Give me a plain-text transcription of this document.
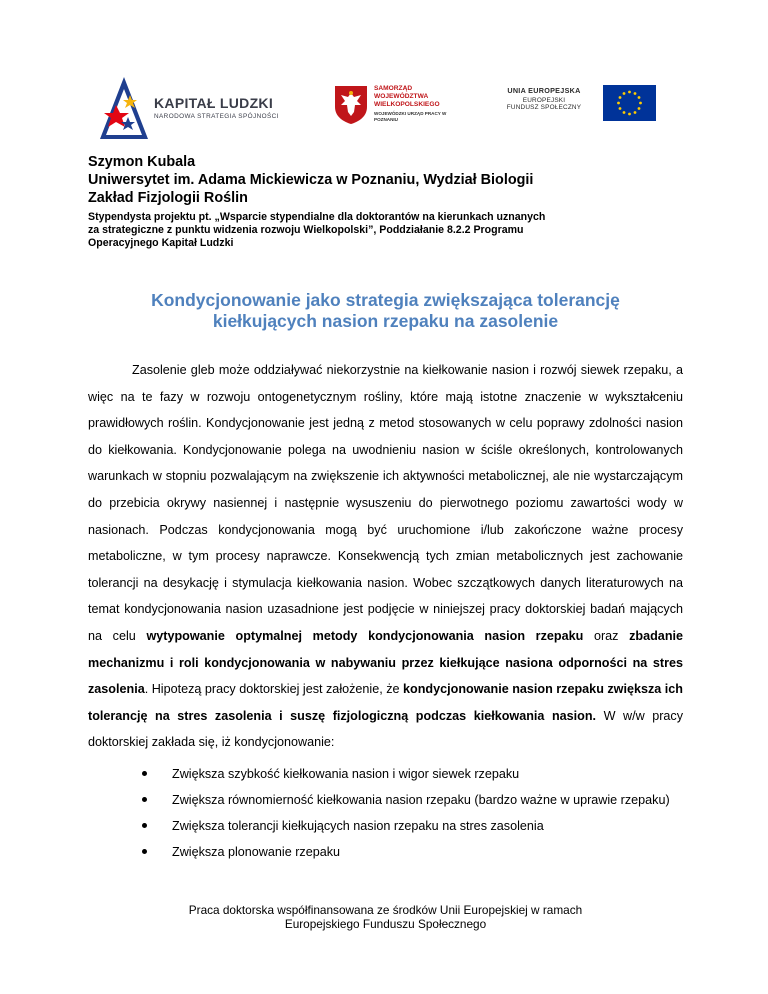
KAPITAŁ LUDZKI
NARODOWA STRATEGIA SPÓJNOŚCI
SAMORZĄD WOJEWÓDZTWA WIELKOPOLSKIEGO
WOJEWÓDZKI URZĄD PRACY W POZNANIU
UNIA EUROPEJSKA
EUROPEJSKI
FUNDUSZ SPOŁECZNY
Szymon Kubala
Uniwersytet im. Adama Mickiewicza w Poznaniu, Wydział Biologii
Zakład Fizjologii Roślin
Stypendysta projektu pt. „Wsparcie stypendialne dla doktorantów na kierunkach uznanych
za strategiczne z punktu widzenia rozwoju Wielkopolski”, Poddziałanie 8.2.2 Programu
Operacyjnego Kapitał Ludzki
Kondycjonowanie jako strategia zwiększająca tolerancję
kiełkujących nasion rzepaku na zasolenie
Zasolenie gleb może oddziaływać niekorzystnie na kiełkowanie nasion i rozwój siewek rzepaku, a więc na te fazy w rozwoju ontogenetycznym rośliny, które mają istotne znaczenie w wykształceniu prawidłowych roślin. Kondycjonowanie jest jedną z metod stosowanych w celu poprawy zdolności nasion do kiełkowania. Kondycjonowanie polega na uwodnieniu nasion w ściśle określonych, kontrolowanych warunkach w stopniu pozwalającym na zwiększenie ich aktywności metabolicznej, ale nie wystarczającym do przebicia okrywy nasiennej i następnie wysuszeniu do pierwotnego poziomu zawartości wody w nasionach. Podczas kondycjonowania mogą być uruchomione i/lub zakończone ważne procesy metaboliczne, w tym procesy naprawcze. Konsekwencją tych zmian metabolicznych jest zachowanie tolerancji na desykację i stymulacja kiełkowania nasion. Wobec szczątkowych danych literaturowych na temat kondycjonowania nasion uzasadnione jest podjęcie w niniejszej pracy doktorskiej badań mających na celu wytypowanie optymalnej metody kondycjonowania nasion rzepaku oraz zbadanie mechanizmu i roli kondycjonowania w nabywaniu przez kiełkujące nasiona odporności na stres zasolenia. Hipotezą pracy doktorskiej jest założenie, że kondycjonowanie nasion rzepaku zwiększa ich tolerancję na stres zasolenia i suszę fizjologiczną podczas kiełkowania nasion. W w/w pracy doktorskiej zakłada się, iż kondycjonowanie:
Zwiększa szybkość kiełkowania nasion i wigor siewek rzepaku
Zwiększa równomierność kiełkowania nasion rzepaku (bardzo ważne w uprawie rzepaku)
Zwiększa tolerancji kiełkujących nasion rzepaku na stres zasolenia
Zwiększa plonowanie rzepaku
Praca doktorska współfinansowana ze środków Unii Europejskiej w ramach
Europejskiego Funduszu Społecznego
